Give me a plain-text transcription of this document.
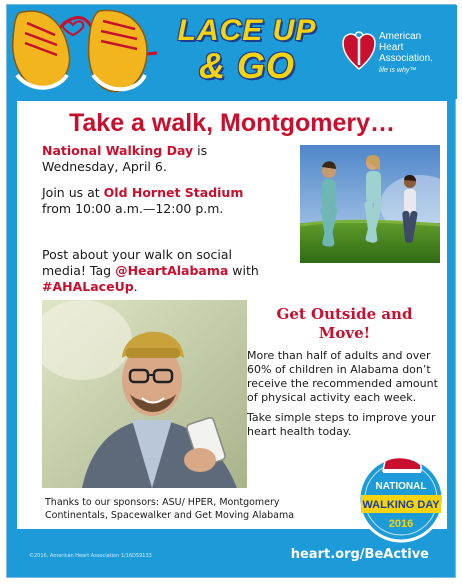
LACE UP
& GO
American
Heart
Association.
life is why™
Take a walk, Montgomery…
National Walking Day is
Wednesday, April 6.
Join us at Old Hornet Stadium
from 10:00 a.m.—12:00 p.m.
Post about your walk on social
media! Tag @HeartAlabama with
#AHALaceUp.
Get Outside and
Move!
More than half of adults and over 60% of children in Alabama don’t receive the recommended amount of physical activity each week.
Take simple steps to improve your heart health today.
Thanks to our sponsors: ASU/ HPER, Montgomery Continentals, Spacewalker and Get Moving Alabama
NATIONAL
WALKING DAY
2016
©2016, American Heart Association 1/16DS9133	heart.org/BeActive
